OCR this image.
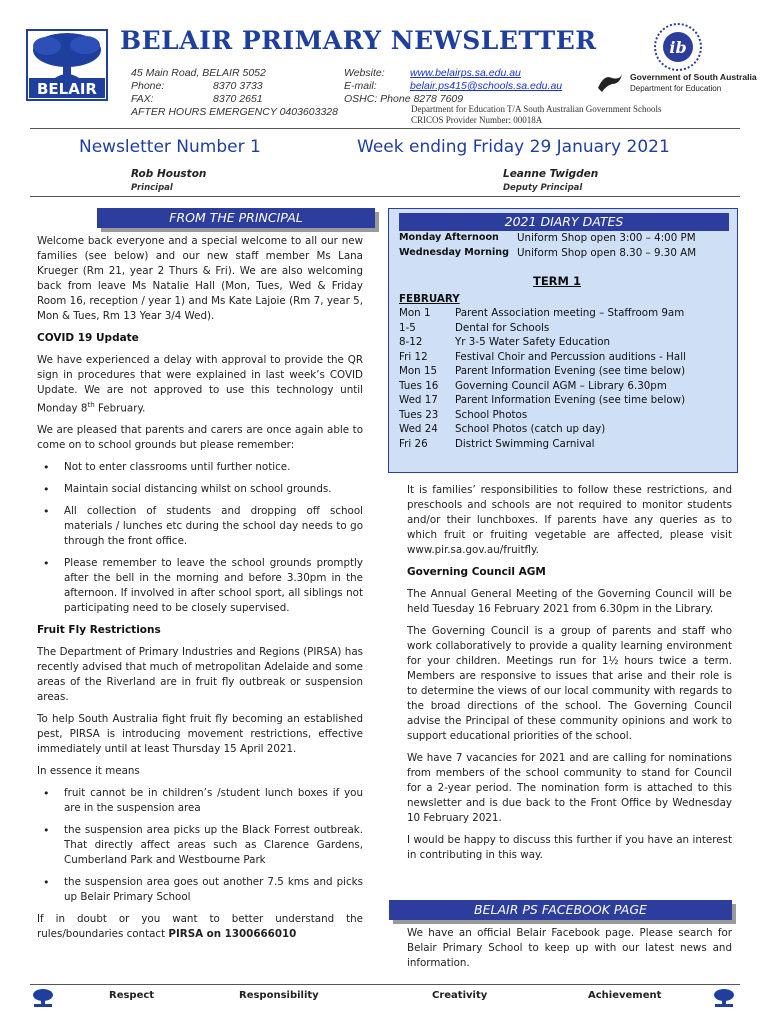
BELAIR
BELAIR PRIMARY NEWSLETTER
45 Main Road, BELAIR 5052
Phone:	8370 3733
FAX:	8370 2651
AFTER HOURS EMERGENCY 0403603328
Website:	www.belairps.sa.edu.au
E-mail:	belair.ps415@schools.sa.edu.au
OSHC: Phone 8278 7609
Department for Education T/A South Australian Government Schools
CRICOS Provider Number: 00018A
ib
Government of South Australia
Department for Education
Newsletter Number 1	Week ending Friday 29 January 2021
Rob Houston
Principal
Leanne Twigden
Deputy Principal
FROM THE PRINCIPAL

Welcome back everyone and a special welcome to all our new families (see below) and our new staff member Ms Lana Krueger (Rm 21, year 2 Thurs & Fri). We are also welcoming back from leave Ms Natalie Hall (Mon, Tues, Wed & Friday Room 16, reception / year 1) and Ms Kate Lajoie (Rm 7, year 5, Mon & Tues, Rm 13 Year 3/4 Wed).

COVID 19 Update

We have experienced a delay with approval to provide the QR sign in procedures that were explained in last week’s COVID Update. We are not approved to use this technology until Monday 8th February.

We are pleased that parents and carers are once again able to come on to school grounds but please remember:

• Not to enter classrooms until further notice.
• Maintain social distancing whilst on school grounds.
• All collection of students and dropping off school materials / lunches etc during the school day needs to go through the front office.
• Please remember to leave the school grounds promptly after the bell in the morning and before 3.30pm in the afternoon. If involved in after school sport, all siblings not participating need to be closely supervised.
Fruit Fly Restrictions

The Department of Primary Industries and Regions (PIRSA) has recently advised that much of metropolitan Adelaide and some areas of the Riverland are in fruit fly outbreak or suspension areas.

To help South Australia fight fruit fly becoming an established pest, PIRSA is introducing movement restrictions, effective immediately until at least Thursday 15 April 2021.

In essence it means

• fruit cannot be in children’s /student lunch boxes if you are in the suspension area
• the suspension area picks up the Black Forrest outbreak. That directly affect areas such as Clarence Gardens, Cumberland Park and Westbourne Park
• the suspension area goes out another 7.5 kms and picks up Belair Primary School

If in doubt or you want to better understand the rules/boundaries contact PIRSA on 1300666010

2021 DIARY DATES
Monday Afternoon	Uniform Shop open 3:00 – 4:00 PM
Wednesday Morning Uniform Shop open 8.30 – 9.30 AM
TERM 1
FEBRUARY
Mon 1	Parent Association meeting – Staffroom 9am
1-5	Dental for Schools
8-12	Yr 3-5 Water Safety Education
Fri 12	Festival Choir and Percussion auditions - Hall
Mon 15	Parent Information Evening (see time below)
Tues 16	Governing Council AGM – Library 6.30pm
Wed 17	Parent Information Evening (see time below)
Tues 23	School Photos
Wed 24	School Photos (catch up day)
Fri 26	District Swimming Carnival

It is families’ responsibilities to follow these restrictions, and preschools and schools are not required to monitor students and/or their lunchboxes. If parents have any queries as to which fruit or fruiting vegetable are affected, please visit www.pir.sa.gov.au/fruitfly.

Governing Council AGM

The Annual General Meeting of the Governing Council will be held Tuesday 16 February 2021 from 6.30pm in the Library.

The Governing Council is a group of parents and staff who work collaboratively to provide a quality learning environment for your children. Meetings run for 1½ hours twice a term. Members are responsive to issues that arise and their role is to determine the views of our local community with regards to the broad directions of the school. The Governing Council advise the Principal of these community opinions and work to support educational priorities of the school.

We have 7 vacancies for 2021 and are calling for nominations from members of the school community to stand for Council for a 2-year period. The nomination form is attached to this newsletter and is due back to the Front Office by Wednesday 10 February 2021.

I would be happy to discuss this further if you have an interest in contributing in this way.

BELAIR PS FACEBOOK PAGE

We have an official Belair Facebook page. Please search for Belair Primary School to keep up with our latest news and information.

Respect	Responsibility	Creativity	Achievement
